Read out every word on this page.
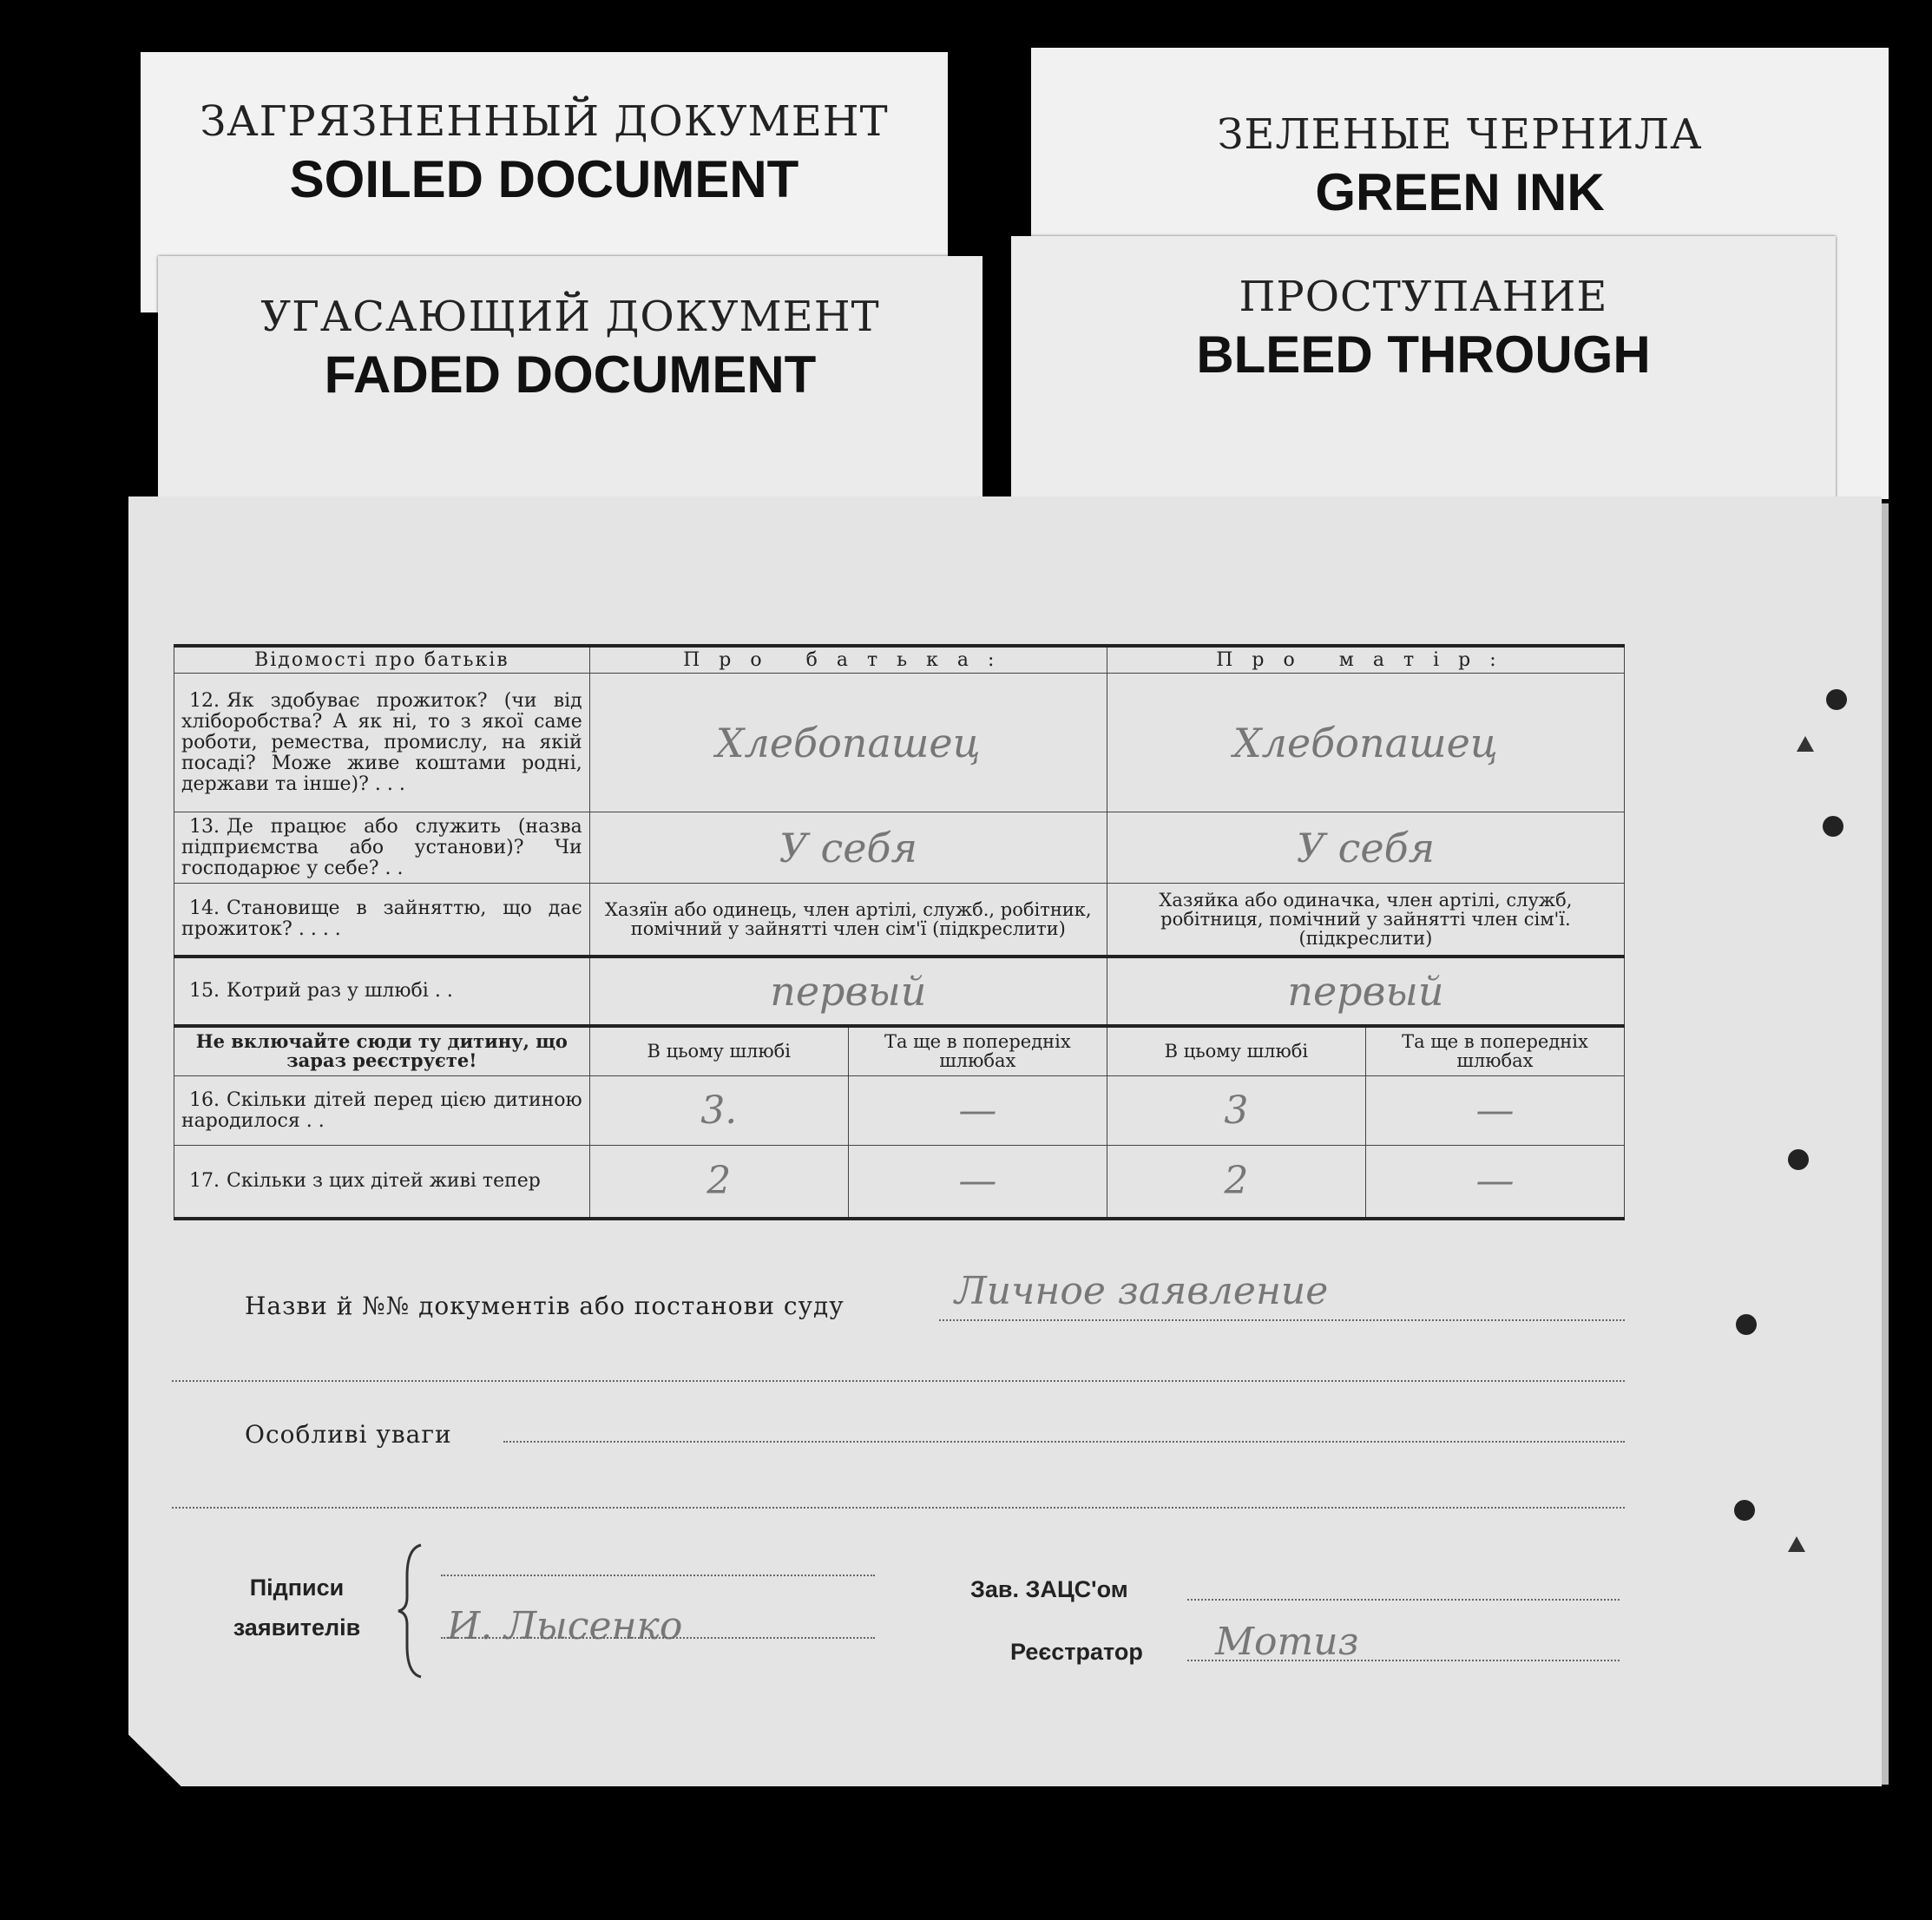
ЗАГРЯЗНЕННЫЙ ДОКУМЕНТ
SOILED DOCUMENT
ЗЕЛЕНЫЕ ЧЕРНИЛА
GREEN INK
УГАСАЮЩИЙ ДОКУМЕНТ
FADED DOCUMENT
ПРОСТУПАНИЕ
BLEED THROUGH
Відомості про батьків	Про батька:		Про матір:	
12. Як здобуває прожиток? (чи від хліборобства? А як ні, то з якої саме роботи, ремества, промислу, на якій посаді? Може живе коштами родні, держави та інше)? . . .	Хлебопашец		Хлебопашец	
13. Де працює або служить (назва підприємства або установи)? Чи господарює у себе? . .	У себя		У себя	
14. Становище в зайняттю, що дає прожиток? . . . .	Хазяїн або одинець, член артілі, служб., робітник, помічний у зайнятті член сім'ї (підкреслити)		Хазяйка або одиначка, член артілі, служб, робітниця, помічний у зайнятті член сім'ї. (підкреслити)	
15. Котрий раз у шлюбі . .	первый		первый	
Не включайте сюди ту дитину, що зараз реєструєте!	В цьому шлюбі	Та ще в попередніх шлюбах	В цьому шлюбі	Та ще в попередніх шлюбах
16. Скільки дітей перед цією дитиною народилося . .	3.	—	3	—
17. Скільки з цих дітей живі тепер	2	—	2	—
Назви й №№ документів або постанови суду	Личное заявление
Особливі уваги
Підписи
заявителів И. Лысенко
Зав. ЗАЦС'ом
Реєстратор Мотиз
